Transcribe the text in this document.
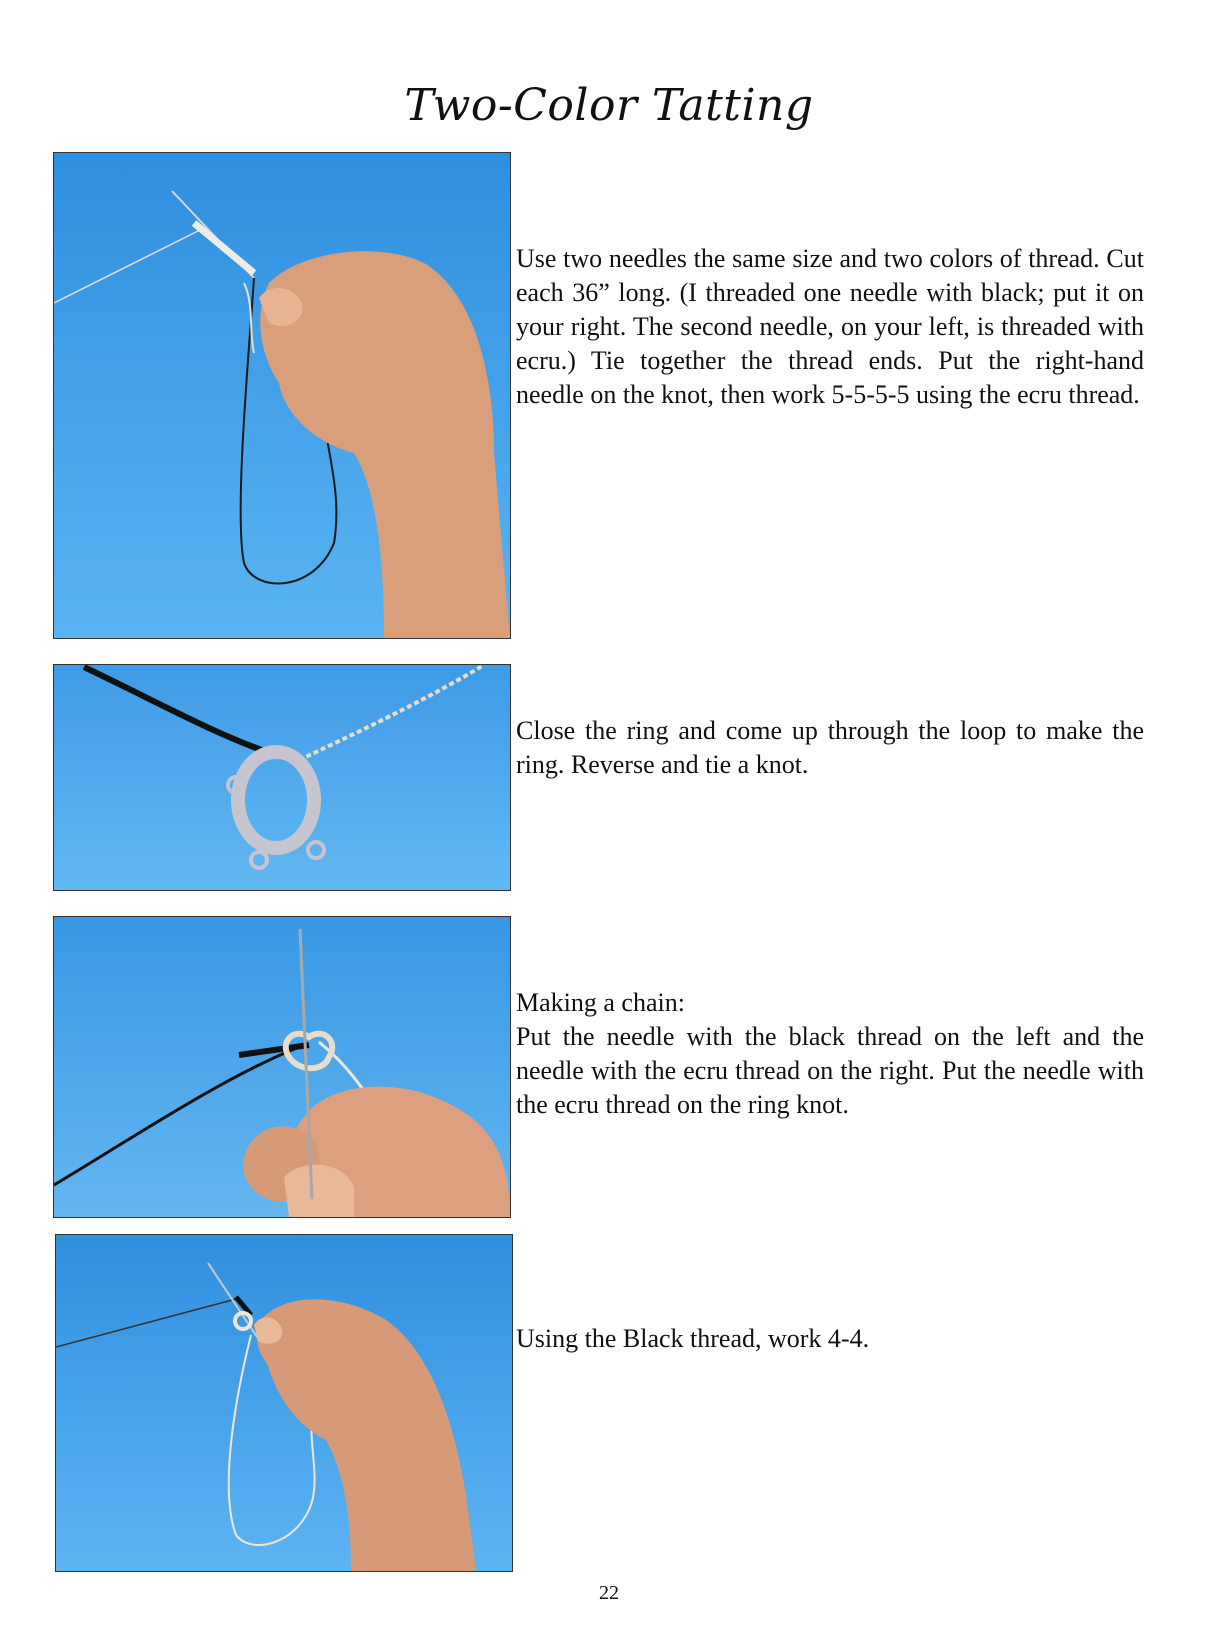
Two-Color Tatting

Use two needles the same size and two colors of thread. Cut each 36” long. (I threaded one needle with black; put it on your right. The second needle, on your left, is threaded with ecru.) Tie together the thread ends. Put the right-hand needle on the knot, then work 5-5-5-5 using the ecru thread.

Close the ring and come up through the loop to make the ring. Reverse and tie a knot.

Making a chain:

Put the needle with the black thread on the left and the needle with the ecru thread on the right. Put the needle with the ecru thread on the ring knot.

Using the Black thread, work 4-4.

22
